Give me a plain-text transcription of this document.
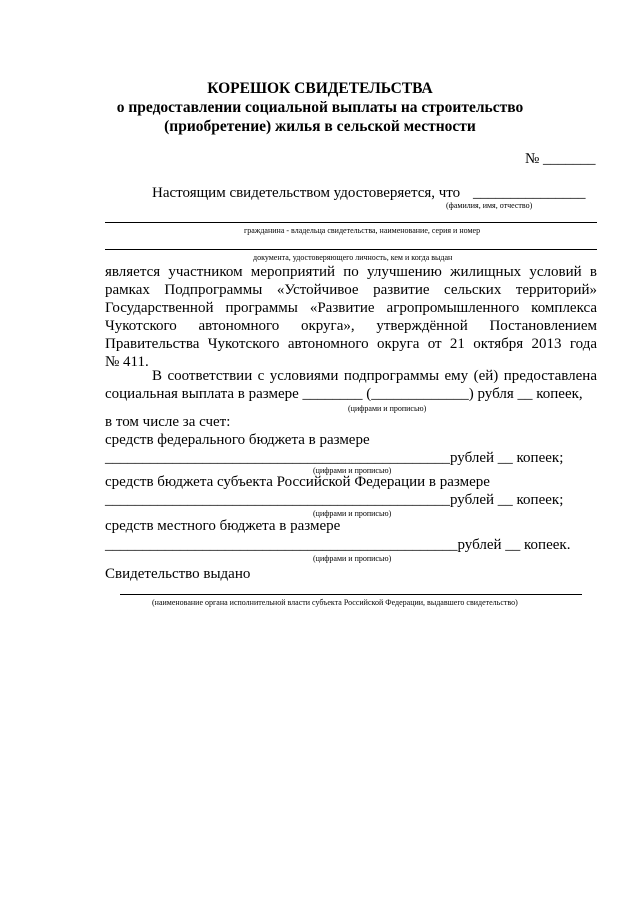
КОРЕШОК СВИДЕТЕЛЬСТВА
о предоставлении социальной выплаты на строительство
(приобретение) жилья в сельской местности
№ _______
Настоящим свидетельством удостоверяется, что _______________
(фамилия, имя, отчество)
гражданина - владельца свидетельства, наименование, серия и номер
документа, удостоверяющего личность, кем и когда выдан
является участником мероприятий по улучшению жилищных условий в
рамках Подпрограммы «Устойчивое развитие сельских территорий»
Государственной программы «Развитие агропромышленного комплекса
Чукотского автономного округа», утверждённой Постановлением
Правительства Чукотского автономного округа от 21 октября 2013 года
№ 411.
В соответствии с условиями подпрограммы ему (ей) предоставлена
социальная выплата в размере ________ (_____________) рубля __ копеек,
(цифрами и прописью)
в том числе за счет:
средств федерального бюджета в размере
______________________________________________рублей __ копеек;
(цифрами и прописью)
средств бюджета субъекта Российской Федерации в размере
______________________________________________рублей __ копеек;
(цифрами и прописью)
средств местного бюджета в размере
_______________________________________________рублей __ копеек.
(цифрами и прописью)
Свидетельство выдано
(наименование органа исполнительной власти субъекта Российской Федерации, выдавшего свидетельство)
